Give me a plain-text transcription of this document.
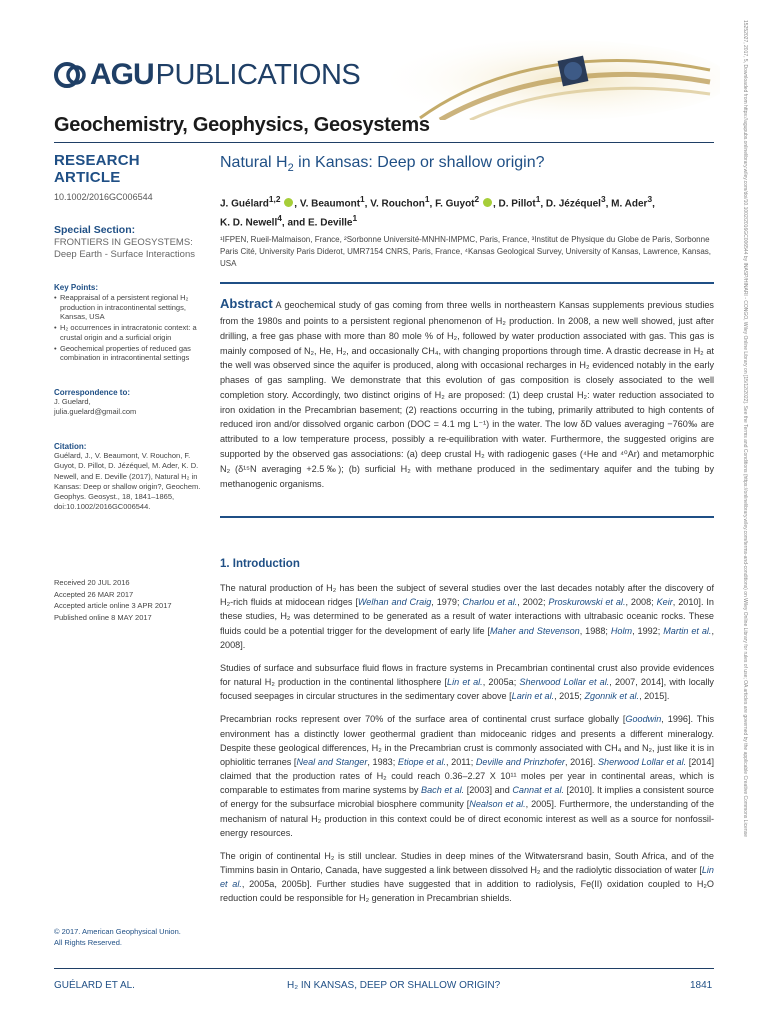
AGU PUBLICATIONS
Geochemistry, Geophysics, Geosystems
RESEARCH ARTICLE
10.1002/2016GC006544
Special Section:
FRONTIERS IN GEOSYSTEMS: Deep Earth - Surface Interactions
Key Points:
• Reappraisal of a persistent regional H₂ production in intracontinental settings, Kansas, USA
• H₂ occurrences in intracratonic context: a crustal origin and a surficial origin
• Geochemical properties of reduced gas combination in intracontinental settings
Correspondence to:
J. Guelard,
julia.guelard@gmail.com
Citation:
Guélard, J., V. Beaumont, V. Rouchon, F. Guyot, D. Pillot, D. Jézéquel, M. Ader, K. D. Newell, and E. Deville (2017), Natural H₂ in Kansas: Deep or shallow origin?, Geochem. Geophys. Geosyst., 18, 1841–1865, doi:10.1002/2016GC006544.
Received 20 JUL 2016
Accepted 26 MAR 2017
Accepted article online 3 APR 2017
Published online 8 MAY 2017
© 2017. American Geophysical Union.
All Rights Reserved.
Natural $H_2$ in Kansas: Deep or shallow origin?
J. Guélard$^{1,2}$ , V. Beaumont$^1$, V. Rouchon$^1$, F. Guyot$^2$ , D. Pillot$^1$, D. Jézéquel$^3$, M. Ader$^3$,
K. D. Newell$^4$, and E. Deville$^1$
¹IFPEN, Rueil-Malmaison, France, ²Sorbonne Université-MNHN-IMPMC, Paris, France, ³Institut de Physique du Globe de Paris, Sorbonne Paris Cité, University Paris Diderot, UMR7154 CNRS, Paris, France, ⁴Kansas Geological Survey, University of Kansas, Lawrence, Kansas, USA
Abstract A geochemical study of gas coming from three wells in northeastern Kansas supplements previous studies from the 1980s and points to a persistent regional phenomenon of H₂ production. In 2008, a new well showed, just after drilling, a free gas phase with more than 80 mole % of H₂, followed by water production associated with gas. This gas is mainly composed of N₂, He, H₂, and occasionally CH₄, with changing proportions through time. A drastic decrease in H₂ at the well was observed since the aquifer is produced, along with occasional recharges in H₂ evidenced notably in the early phases of gas sampling. We demonstrate that this evolution of gas composition is closely associated to the well completion story. Accordingly, two distinct origins of H₂ are proposed: (1) deep crustal H₂: water reduction associated to iron oxidation in the Precambrian basement; (2) reactions occurring in the tubing, primarily attributed to high contents of reduced iron and/or dissolved organic carbon (DOC = 4.1 mg L⁻¹) in the water. The low δD values averaging −760‰ are attributed to a low temperature process, possibly a re-equilibration with water. Furthermore, the suggested origins are supported by the observed gas associations: (a) deep crustal H₂ with radiogenic gases (⁴He and ⁴⁰Ar) and metamorphic N₂ (δ¹⁵N averaging +2.5‰); (b) surficial H₂ with methane produced in the sedimentary aquifer and the tubing by methanogenic organisms.
1. Introduction

The natural production of H₂ has been the subject of several studies over the last decades notably after the discovery of H₂-rich fluids at midocean ridges [Welhan and Craig, 1979; Charlou et al., 2002; Proskurowski et al., 2008; Keir, 2010]. In these studies, H₂ was determined to be generated as a result of water interactions with ultrabasic oceanic rocks. These fluids could be a potential trigger for the development of early life [Maher and Stevenson, 1988; Holm, 1992; Martin et al., 2008].

Studies of surface and subsurface fluid flows in fracture systems in Precambrian continental crust also provide evidences for natural H₂ production in the continental lithosphere [Lin et al., 2005a; Sherwood Lollar et al., 2007, 2014], with locally focused seepages in circular structures in the sedimentary cover above [Larin et al., 2015; Zgonnik et al., 2015].

Precambrian rocks represent over 70% of the surface area of continental crust surface globally [Goodwin, 1996]. This environment has a distinctly lower geothermal gradient than midoceanic ridges and presents a different mineralogy. Despite these geological differences, H₂ in the Precambrian crust is commonly associated with CH₄ and N₂, just like it is in ophiolitic terranes [Neal and Stanger, 1983; Etiope et al., 2011; Deville and Prinzhofer, 2016]. Sherwood Lollar et al. [2014] claimed that the production rates of H₂ could reach 0.36–2.27 X 10¹¹ moles per year in continental areas, which is comparable to estimates from marine systems by Bach et al. [2003] and Cannat et al. [2010]. It implies a consistent source of energy for the subsurface microbial biosphere community [Nealson et al., 2005]. Furthermore, the understanding of the mechanism of natural H₂ production in this context could be of direct economic interest as well as a source for nonfossil-energy resources.

The origin of continental H₂ is still unclear. Studies in deep mines of the Witwatersrand basin, South Africa, and of the Timmins basin in Ontario, Canada, have suggested a link between dissolved H₂ and the radiolytic dissociation of water [Lin et al., 2005a, 2005b]. Further studies have suggested that in addition to radiolysis, Fe(II) oxidation coupled to H₂O reduction could be responsible for H₂ generation in Precambrian shields.

GUÉLARD ET AL.	H₂ IN KANSAS, DEEP OR SHALLOW ORIGIN?	1841
15252027, 2017, 5, Downloaded from https://agupubs.onlinelibrary.wiley.com/doi/10.1002/2016GC006544 by INASP/HINARI - CONGO, Wiley Online Library on [15/12/2022]. See the Terms and Conditions (https://onlinelibrary.wiley.com/terms-and-conditions) on Wiley Online Library for rules of use; OA articles are governed by the applicable Creative Commons License
